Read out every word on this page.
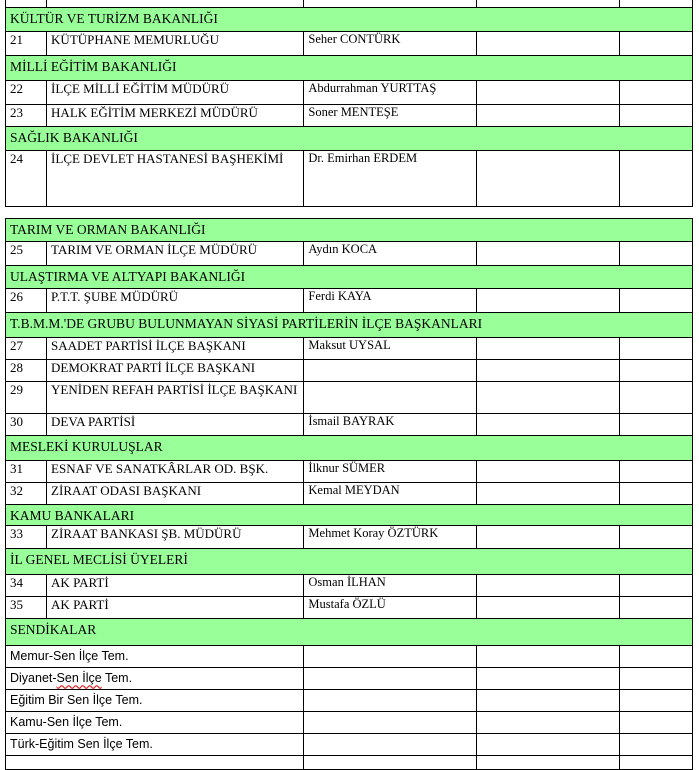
KÜLTÜR VE TURİZM BAKANLIĞI				
21	KÜTÜPHANE MEMURLUĞU	Seher CONTÜRK		
MİLLİ EĞİTİM BAKANLIĞI				
22	İLÇE MİLLİ EĞİTİM MÜDÜRÜ	Abdurrahman YURTTAŞ		
23	HALK EĞİTİM MERKEZİ MÜDÜRÜ	Soner MENTEŞE		
SAĞLIK BAKANLIĞI				
24	İLÇE DEVLET HASTANESİ BAŞHEKİMİ	Dr. Emirhan ERDEM		
TARIM VE ORMAN BAKANLIĞI				
25	TARIM VE ORMAN İLÇE MÜDÜRÜ	Aydın KOCA		
ULAŞTIRMA VE ALTYAPI BAKANLIĞI				
26	P.T.T. ŞUBE MÜDÜRÜ	Ferdi KAYA		
T.B.M.M.'DE GRUBU BULUNMAYAN SİYASİ PARTİLERİN İLÇE BAŞKANLARI				
27	SAADET PARTİSİ İLÇE BAŞKANI	Maksut UYSAL		
28	DEMOKRAT PARTİ İLÇE BAŞKANI			
29	YENİDEN REFAH PARTİSİ İLÇE BAŞKANI			
30	DEVA PARTİSİ	İsmail BAYRAK		
MESLEKİ KURULUŞLAR				
31	ESNAF VE SANATKÂRLAR OD. BŞK.	İlknur SÜMER		
32	ZİRAAT ODASI BAŞKANI	Kemal MEYDAN		
KAMU BANKALARI				
33	ZİRAAT BANKASI ŞB. MÜDÜRÜ	Mehmet Koray ÖZTÜRK		
İL GENEL MECLİSİ ÜYELERİ				
34	AK PARTİ	Osman İLHAN		
35	AK PARTİ	Mustafa ÖZLÜ		
SENDİKALAR				
Memur-Sen İlçe Tem.				
Diyanet-Sen İlçe Tem.				
Eğitim Bir Sen İlçe Tem.				
Kamu-Sen İlçe Tem.				
Türk-Eğitim Sen İlçe Tem.				
